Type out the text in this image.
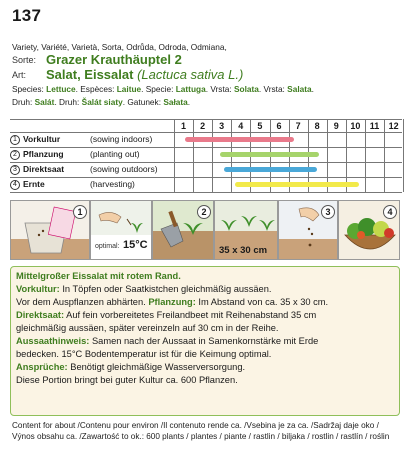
137
Variety, Variété, Varietà, Sorta, Odrůda, Odroda, Odmiana,
Sorte: Grazer Krauthäuptel 2
Art: Salat, Eissalat (Lactuca sativa L.)
Species: Lettuce. Espèces: Laitue. Specie: Lattuga. Vrsta: Solata. Vrsta: Salata.
Druh: Salát. Druh: Šalát siaty. Gatunek: Sałata.
1	2	3	4	5	6	7	8	9	10	11	12
1 Vorkultur	(sowing indoors)
2 Pflanzung	(planting out)
3 Direktsaat	(sowing outdoors)
4 Ernte	(harvesting)
1
optimal: 15°C
2
35 x 30 cm
3	4

Mittelgroßer Eissalat mit rotem Rand.

Vorkultur: In Töpfen oder Saatkistchen gleichmäßig aussäen.

Vor dem Auspflanzen abhärten. Pflanzung: Im Abstand von ca. 35 x 30 cm.

Direktsaat: Auf fein vorbereitetes Freilandbeet mit Reihenabstand 35 cm

gleichmäßig aussäen, später vereinzeln auf 30 cm in der Reihe.

Aussaathinweis: Samen nach der Aussaat in Samenkornstärke mit Erde

bedecken. 15°C Bodentemperatur ist für die Keimung optimal.

Ansprüche: Benötigt gleichmäßige Wasserversorgung.

Diese Portion bringt bei guter Kultur ca. 600 Pflanzen.

Content for about /Contenu pour environ /Il contenuto rende ca. /Vsebina je za ca. /Sadržaj daje oko /
Výnos obsahu ca. /Zawartość to ok.: 600 plants / plantes / piante / rastlin / biljaka / rostlin / rastlín / roślin
